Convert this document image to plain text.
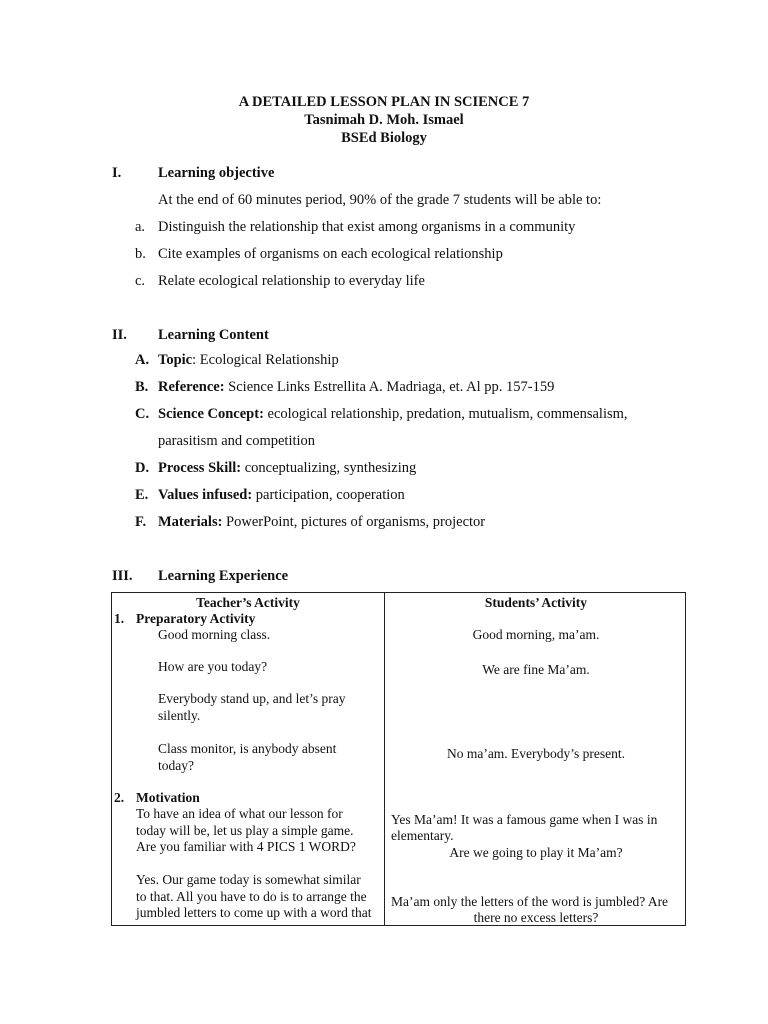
A DETAILED LESSON PLAN IN SCIENCE 7
Tasnimah D. Moh. Ismael
BSEd Biology
I.	Learning objective
At the end of 60 minutes period, 90% of the grade 7 students will be able to:
a. Distinguish the relationship that exist among organisms in a community
b. Cite examples of organisms on each ecological relationship
c. Relate ecological relationship to everyday life
II. Learning Content
A. Topic: Ecological Relationship
B. Reference: Science Links Estrellita A. Madriaga, et. Al pp. 157-159
C. Science Concept: ecological relationship, predation, mutualism, commensalism,
parasitism and competition
D. Process Skill: conceptualizing, synthesizing
E. Values infused: participation, cooperation
F. Materials: PowerPoint, pictures of organisms, projector
III. Learning Experience
Teacher’s Activity
1. Preparatory Activity
Good morning class.
How are you today?
Everybody stand up, and let’s pray
silently.
Class monitor, is anybody absent
today?
2. Motivation
To have an idea of what our lesson for
today will be, let us play a simple game.
Are you familiar with 4 PICS 1 WORD?
Yes. Our game today is somewhat similar
to that. All you have to do is to arrange the
jumbled letters to come up with a word that
Students’ Activity
Good morning, ma’am.
We are fine Ma’am.
No ma’am. Everybody’s present.
Yes Ma’am! It was a famous game when I was in
elementary.
Are we going to play it Ma’am?
Ma’am only the letters of the word is jumbled? Are
there no excess letters?
